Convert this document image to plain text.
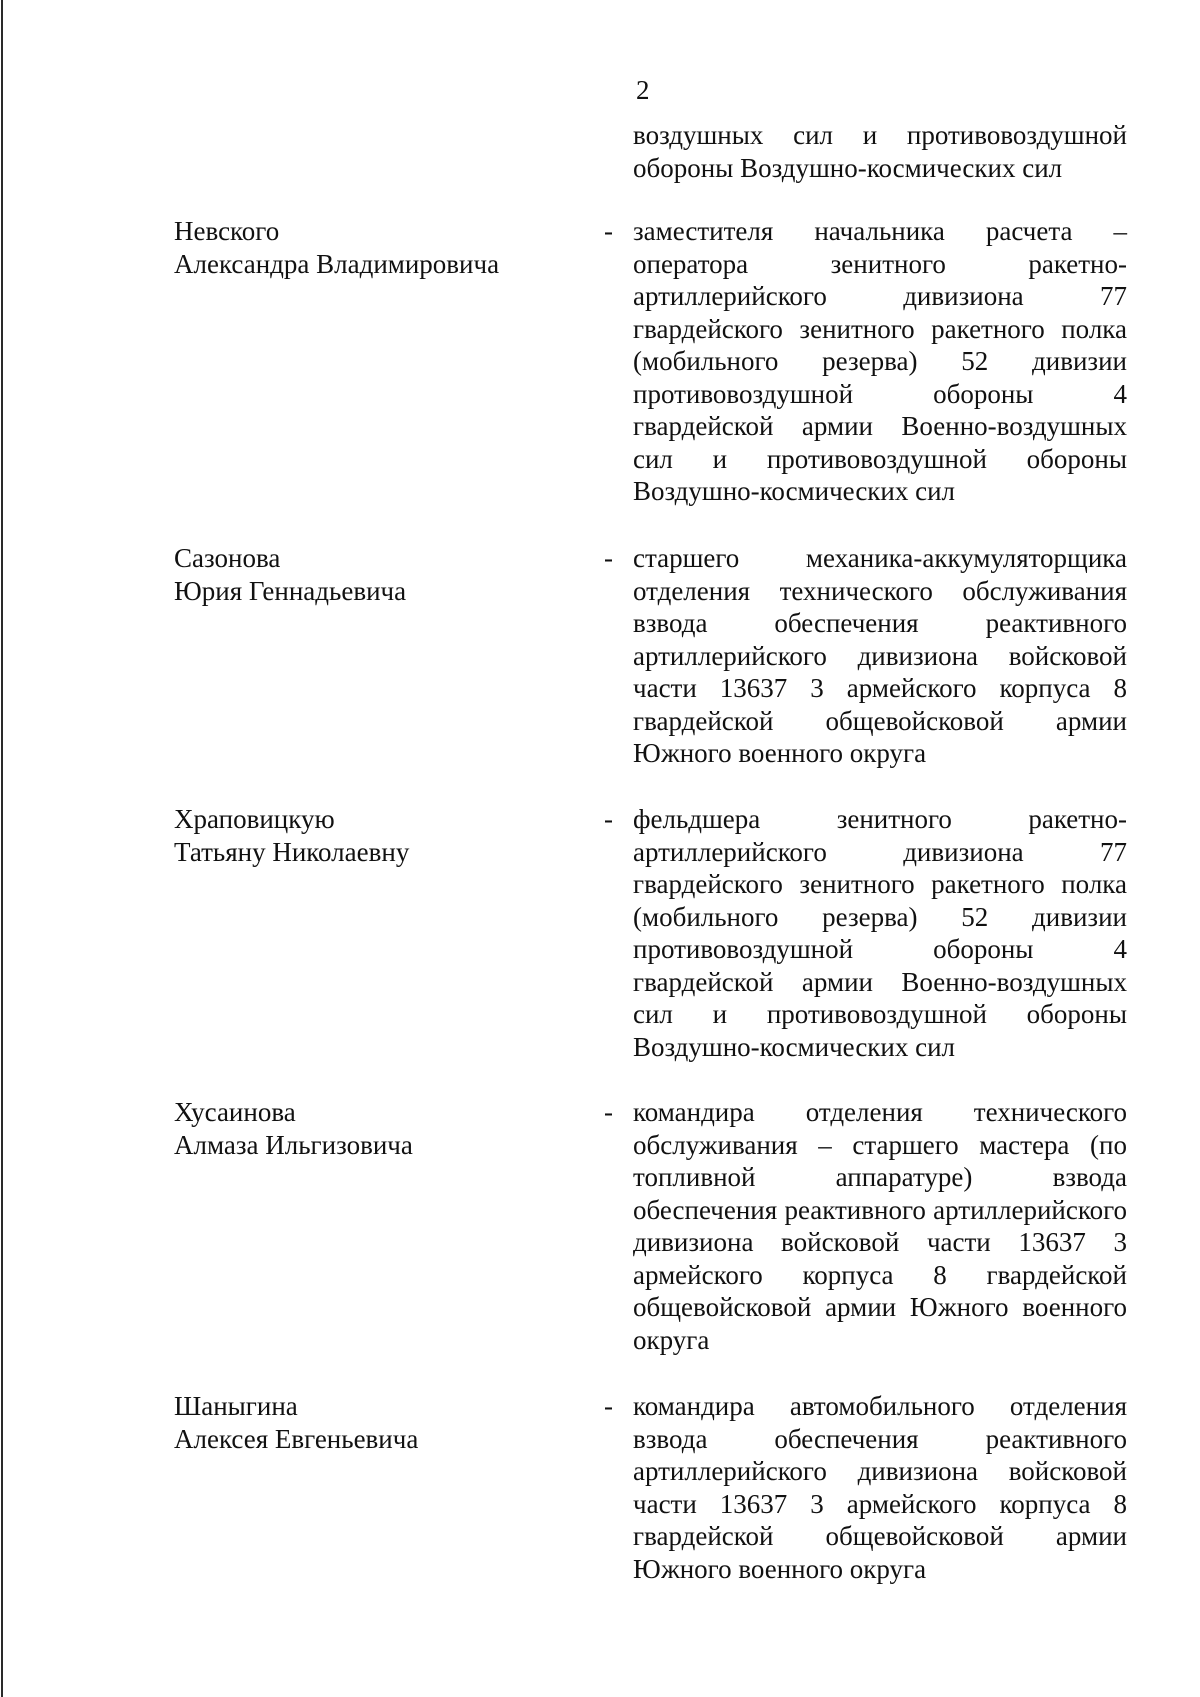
2
воздушных сил и противовоздушной обороны Воздушно-космических сил
Невского
Александра Владимировича
- заместителя начальника расчета – оператора зенитного ракетно-артиллерийского дивизиона 77 гвардейского зенитного ракетного полка (мобильного резерва) 52 дивизии противовоздушной обороны 4 гвардейской армии Военно-воздушных сил и противовоздушной обороны Воздушно-космических сил
Сазонова
Юрия Геннадьевича
- старшего механика-аккумуляторщика отделения технического обслуживания взвода обеспечения реактивного артиллерийского дивизиона войсковой части 13637 3 армейского корпуса 8 гвардейской общевойсковой армии Южного военного округа
Храповицкую
Татьяну Николаевну
- фельдшера зенитного ракетно-артиллерийского дивизиона 77 гвардейского зенитного ракетного полка (мобильного резерва) 52 дивизии противовоздушной обороны 4 гвардейской армии Военно-воздушных сил и противовоздушной обороны Воздушно-космических сил
Хусаинова
Алмаза Ильгизовича
- командира отделения технического обслуживания – старшего мастера (по топливной аппаратуре) взвода обеспечения реактивного артиллерийского дивизиона войсковой части 13637 3 армейского корпуса 8 гвардейской общевойсковой армии Южного военного округа
Шаныгина
Алексея Евгеньевича
- командира автомобильного отделения взвода обеспечения реактивного артиллерийского дивизиона войсковой части 13637 3 армейского корпуса 8 гвардейской общевойсковой армии Южного военного округа
